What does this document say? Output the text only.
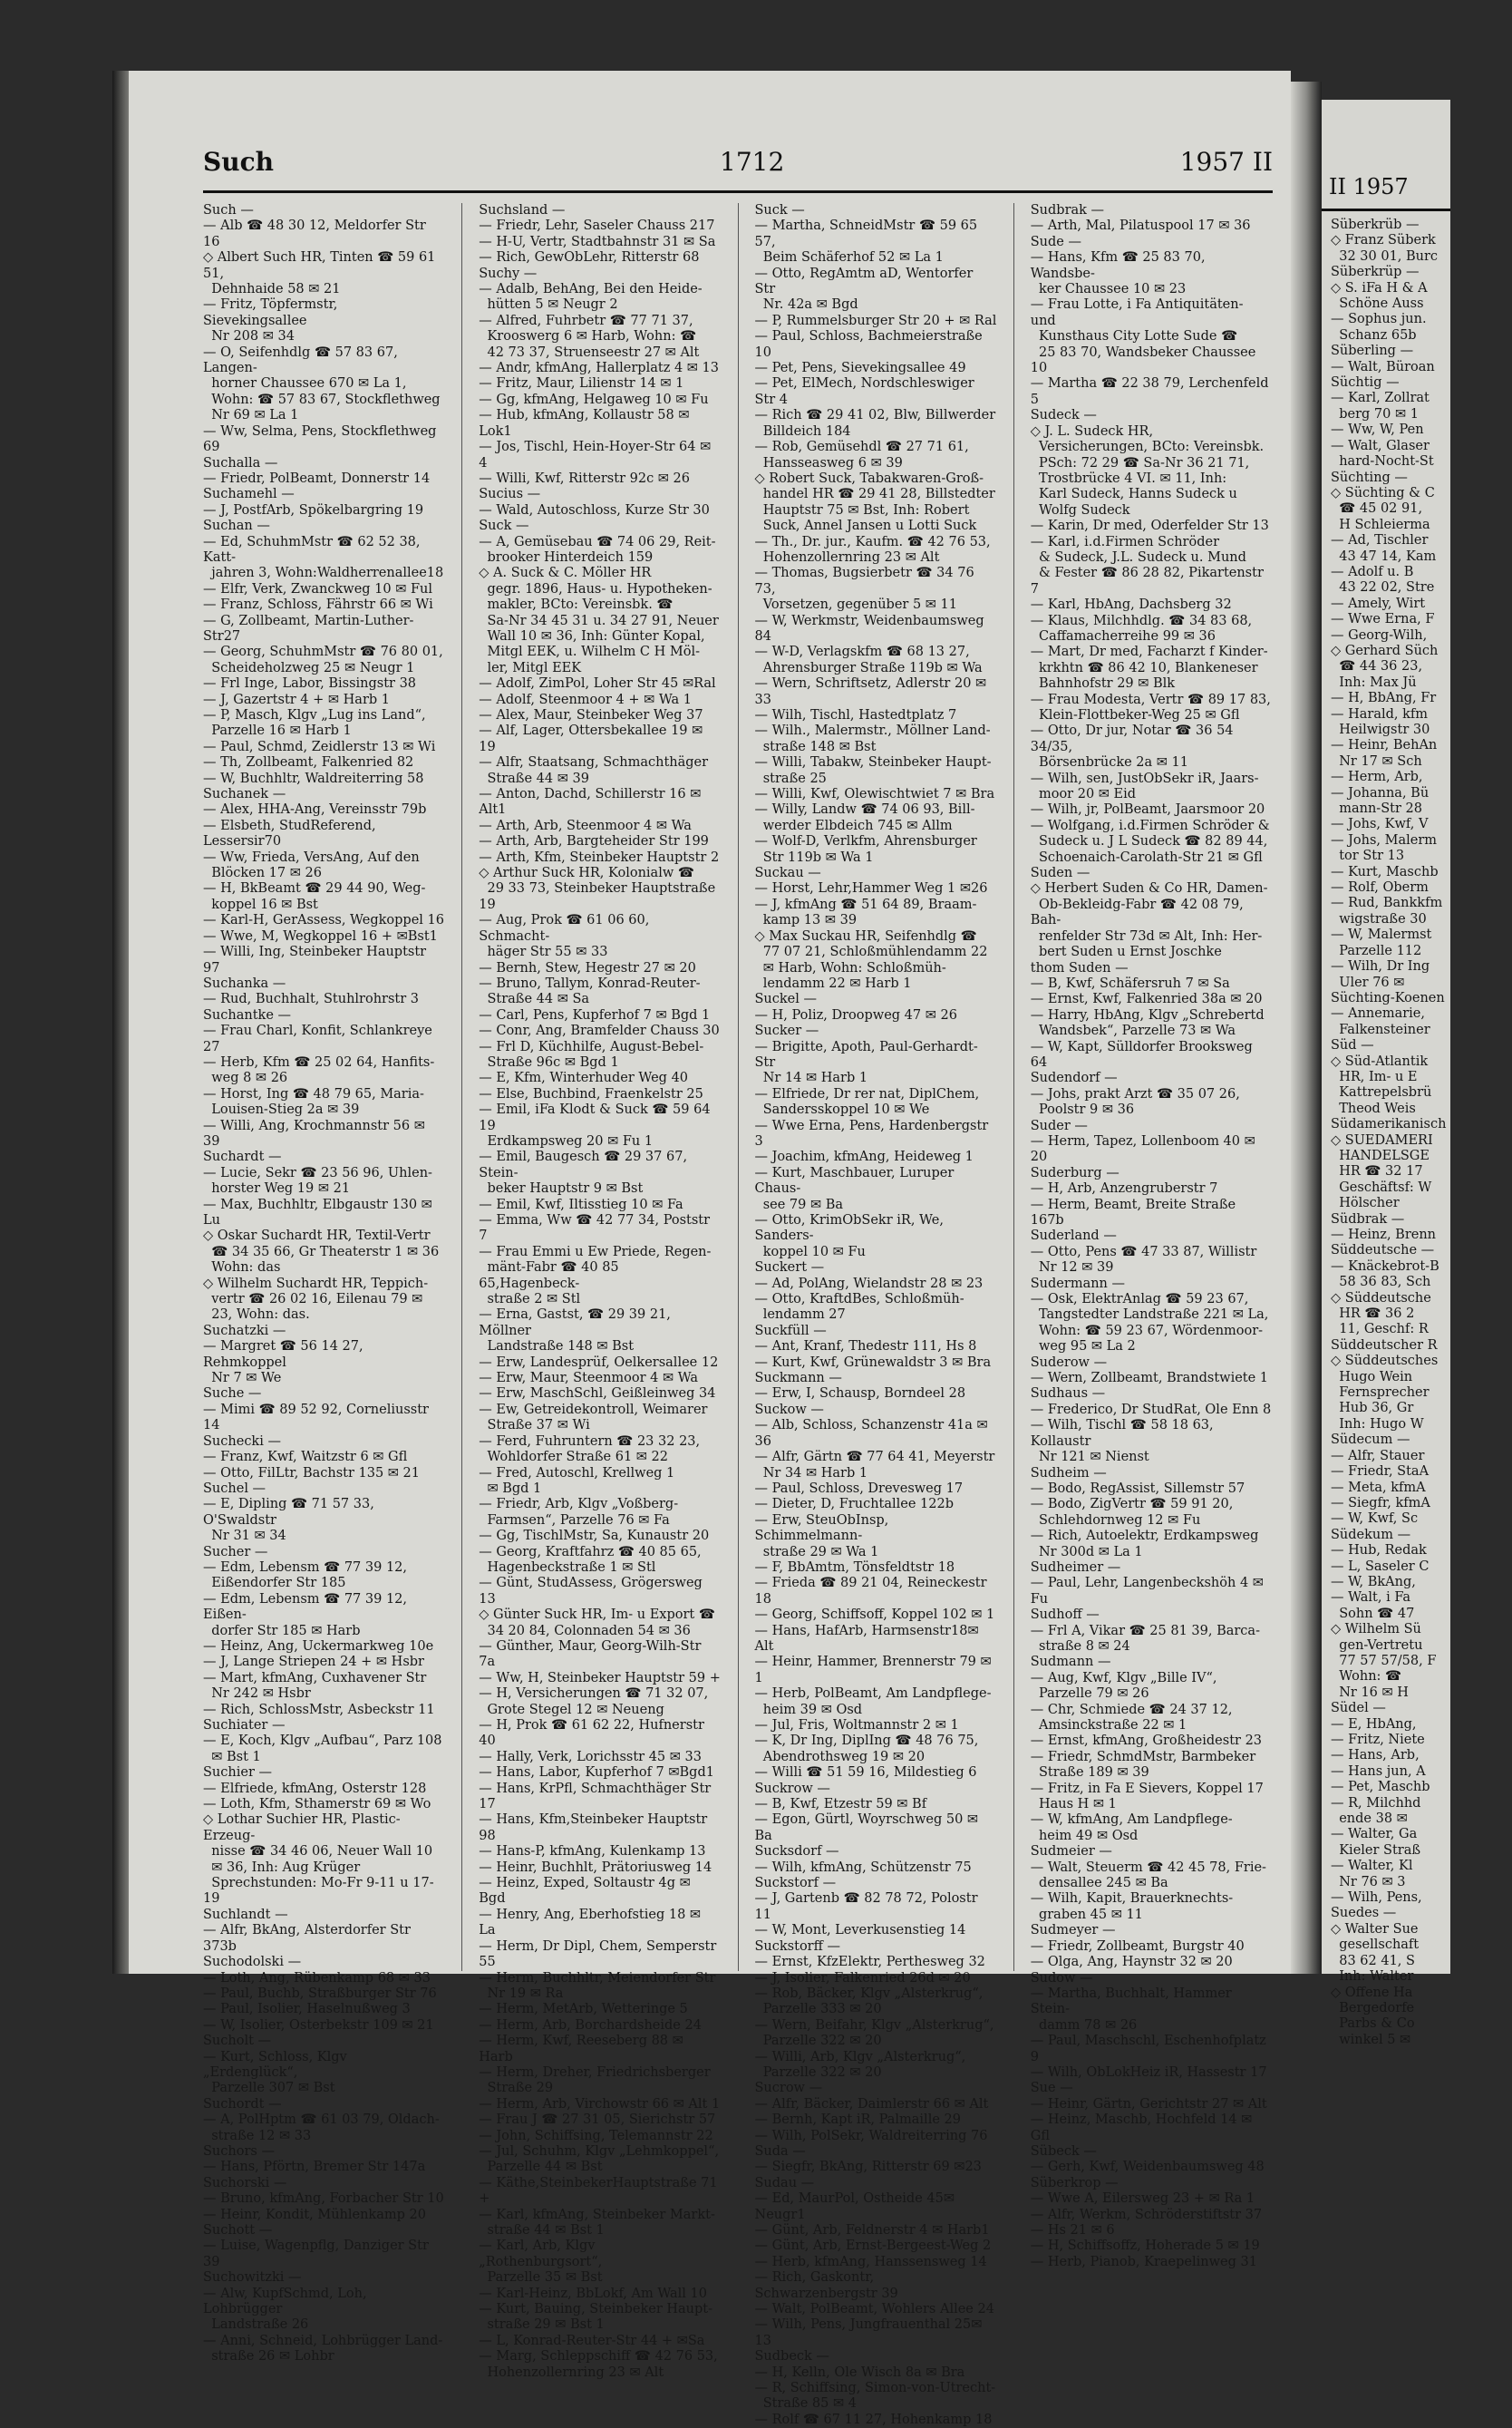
II 1957
Süberkrüb —
◇ Franz Süberk
32 30 01, Burc
Süberkrüp —
◇ S. iFa H & A
Schöne Auss
— Sophus jun.
Schanz 65b
Süberling —
— Walt, Büroan
Süchtig —
— Karl, Zollrat
berg 70 ✉ 1
— Ww, W, Pen
— Walt, Glaser
hard-Nocht-St
Süchting —
◇ Süchting & C
☎ 45 02 91,
H Schleierma
— Ad, Tischler
43 47 14, Kam
— Adolf u. B
43 22 02, Stre
— Amely, Wirt
— Wwe Erna, F
— Georg-Wilh,
◇ Gerhard Süch
☎ 44 36 23,
Inh: Max Jü
— H, BbAng, Fr
— Harald, kfm
Heilwigstr 30
— Heinr, BehAn
Nr 17 ✉ Sch
— Herm, Arb,
— Johanna, Bü
mann-Str 28
— Johs, Kwf, V
— Johs, Malerm
tor Str 13
— Kurt, Maschb
— Rolf, Oberm
— Rud, Bankkfm
wigstraße 30
— W, Malermst
Parzelle 112
— Wilh, Dr Ing
Uler 76 ✉
Süchting-Koenen
— Annemarie,
Falkensteiner
Süd —
◇ Süd-Atlantik
HR, Im- u E
Kattrepelsbrü
Theod Weis
Südamerikanisch
◇ SUEDAMERI
HANDELSGE
HR ☎ 32 17
Geschäftsf: W
Hölscher
Südbrak —
— Heinz, Brenn
Süddeutsche —
— Knäckebrot-B
58 36 83, Sch
◇ Süddeutsche
HR ☎ 36 2
11, Geschf: R
Süddeutscher R
◇ Süddeutsches
Hugo Wein
Fernsprecher
Hub 36, Gr
Inh: Hugo W
Südecum —
— Alfr, Stauer
— Friedr, StaA
— Meta, kfmA
— Siegfr, kfmA
— W, Kwf, Sc
Südekum —
— Hub, Redak
— L, Saseler C
— W, BkAng,
— Walt, i Fa
Sohn ☎ 47
◇ Wilhelm Sü
gen-Vertretu
77 57 57/58, F
Wohn: ☎
Nr 16 ✉ H
Südel —
— E, HbAng,
— Fritz, Niete
— Hans, Arb,
— Hans jun, A
— Pet, Maschb
— R, Milchhd
ende 38 ✉
— Walter, Ga
Kieler Straß
— Walter, Kl
Nr 76 ✉ 3
— Wilh, Pens,
Suedes —
◇ Walter Sue
gesellschaft
83 62 41, S
Inh: Walter
◇ Offene Ha
Bergedorfe
Parbs & Co
winkel 5 ✉
Such	1712	1957 II
Such —
— Alb ☎ 48 30 12, Meldorfer Str 16
◇ Albert Such HR, Tinten ☎ 59 61 51,
Dehnhaide 58 ✉ 21
— Fritz, Töpfermstr, Sievekingsallee
Nr 208 ✉ 34
— O, Seifenhdlg ☎ 57 83 67, Langen-
horner Chaussee 670 ✉ La 1,
Wohn: ☎ 57 83 67, Stockflethweg
Nr 69 ✉ La 1
— Ww, Selma, Pens, Stockflethweg 69
Suchalla —
— Friedr, PolBeamt, Donnerstr 14
Suchamehl —
— J, PostfArb, Spökelbargring 19
Suchan —
— Ed, SchuhmMstr ☎ 62 52 38, Katt-
jahren 3, Wohn:Waldherrenallee18
— Elfr, Verk, Zwanckweg 10 ✉ Ful
— Franz, Schloss, Fährstr 66 ✉ Wi
— G, Zollbeamt, Martin-Luther-Str27
— Georg, SchuhmMstr ☎ 76 80 01,
Scheideholzweg 25 ✉ Neugr 1
— Frl Inge, Labor, Bissingstr 38
— J, Gazertstr 4 + ✉ Harb 1
— P, Masch, Klgv „Lug ins Land“,
Parzelle 16 ✉ Harb 1
— Paul, Schmd, Zeidlerstr 13 ✉ Wi
— Th, Zollbeamt, Falkenried 82
— W, Buchhltr, Waldreiterring 58
Suchanek —
— Alex, HHA-Ang, Vereinsstr 79b
— Elsbeth, StudReferend, Lessersir70
— Ww, Frieda, VersAng, Auf den
Blöcken 17 ✉ 26
— H, BkBeamt ☎ 29 44 90, Weg-
koppel 16 ✉ Bst
— Karl-H, GerAssess, Wegkoppel 16
— Wwe, M, Wegkoppel 16 + ✉Bst1
— Willi, Ing, Steinbeker Hauptstr 97
Suchanka —
— Rud, Buchhalt, Stuhlrohrstr 3
Suchantke —
— Frau Charl, Konfit, Schlankreye 27
— Herb, Kfm ☎ 25 02 64, Hanfits-
weg 8 ✉ 26
— Horst, Ing ☎ 48 79 65, Maria-
Louisen-Stieg 2a ✉ 39
— Willi, Ang, Krochmannstr 56 ✉ 39
Suchardt —
— Lucie, Sekr ☎ 23 56 96, Uhlen-
horster Weg 19 ✉ 21
— Max, Buchhltr, Elbgaustr 130 ✉ Lu
◇ Oskar Suchardt HR, Textil-Vertr
☎ 34 35 66, Gr Theaterstr 1 ✉ 36
Wohn: das
◇ Wilhelm Suchardt HR, Teppich-
vertr ☎ 26 02 16, Eilenau 79 ✉
23, Wohn: das.
Suchatzki —
— Margret ☎ 56 14 27, Rehmkoppel
Nr 7 ✉ We
Suche —
— Mimi ☎ 89 52 92, Corneliusstr 14
Suchecki —
— Franz, Kwf, Waitzstr 6 ✉ Gfl
— Otto, FilLtr, Bachstr 135 ✉ 21
Suchel —
— E, Dipling ☎ 71 57 33, O'Swaldstr
Nr 31 ✉ 34
Sucher —
— Edm, Lebensm ☎ 77 39 12,
Eißendorfer Str 185
— Edm, Lebensm ☎ 77 39 12, Eißen-
dorfer Str 185 ✉ Harb
— Heinz, Ang, Uckermarkweg 10e
— J, Lange Striepen 24 + ✉ Hsbr
— Mart, kfmAng, Cuxhavener Str
Nr 242 ✉ Hsbr
— Rich, SchlossMstr, Asbeckstr 11
Suchiater —
— E, Koch, Klgv „Aufbau“, Parz 108
✉ Bst 1
Suchier —
— Elfriede, kfmAng, Osterstr 128
— Loth, Kfm, Sthamerstr 69 ✉ Wo
◇ Lothar Suchier HR, Plastic-Erzeug-
nisse ☎ 34 46 06, Neuer Wall 10
✉ 36, Inh: Aug Krüger
Sprechstunden: Mo-Fr 9-11 u 17-19
Suchlandt —
— Alfr, BkAng, Alsterdorfer Str 373b
Suchodolski —
— Loth, Ang, Rübenkamp 68 ✉ 33
— Paul, Buchb, Straßburger Str 76
— Paul, Isolier, Haselnußweg 3
— W, Isolier, Osterbekstr 109 ✉ 21
Sucholt —
— Kurt, Schloss, Klgv „Erdenglück“,
Parzelle 307 ✉ Bst
Suchordt —
— A, PolHptm ☎ 61 03 79, Oldach-
straße 12 ✉ 33
Suchors —
— Hans, Pförtn, Bremer Str 147a
Suchorski —
— Bruno, kfmAng, Forbacher Str 10
— Heinr, Kondit, Mühlenkamp 20
Suchott —
— Luise, Wagenpflg, Danziger Str 39
Suchowitzki —
— Alw, KupfSchmd, Loh, Lohbrügger
Landstraße 26
— Anni, Schneid, Lohbrügger Land-
straße 26 ✉ Lohbr
Suchsland —
— Friedr, Lehr, Saseler Chauss 217
— H-U, Vertr, Stadtbahnstr 31 ✉ Sa
— Rich, GewObLehr, Ritterstr 68
Suchy —
— Adalb, BehAng, Bei den Heide-
hütten 5 ✉ Neugr 2
— Alfred, Fuhrbetr ☎ 77 71 37,
Krooswerg 6 ✉ Harb, Wohn: ☎
42 73 37, Struenseestr 27 ✉ Alt
— Andr, kfmAng, Hallerplatz 4 ✉ 13
— Fritz, Maur, Lilienstr 14 ✉ 1
— Gg, kfmAng, Helgaweg 10 ✉ Fu
— Hub, kfmAng, Kollaustr 58 ✉Lok1
— Jos, Tischl, Hein-Hoyer-Str 64 ✉ 4
— Willi, Kwf, Ritterstr 92c ✉ 26
Sucius —
— Wald, Autoschloss, Kurze Str 30
Suck —
— A, Gemüsebau ☎ 74 06 29, Reit-
brooker Hinterdeich 159
◇ A. Suck & C. Möller HR
gegr. 1896, Haus- u. Hypotheken-
makler, BCto: Vereinsbk. ☎
Sa-Nr 34 45 31 u. 34 27 91, Neuer
Wall 10 ✉ 36, Inh: Günter Kopal,
Mitgl EEK, u. Wilhelm C H Möl-
ler, Mitgl EEK
— Adolf, ZimPol, Loher Str 45 ✉Ral
— Adolf, Steenmoor 4 + ✉ Wa 1
— Alex, Maur, Steinbeker Weg 37
— Alf, Lager, Ottersbekallee 19 ✉ 19
— Alfr, Staatsang, Schmachthäger
Straße 44 ✉ 39
— Anton, Dachd, Schillerstr 16 ✉Alt1
— Arth, Arb, Steenmoor 4 ✉ Wa
— Arth, Arb, Bargteheider Str 199
— Arth, Kfm, Steinbeker Hauptstr 2
◇ Arthur Suck HR, Kolonialw ☎
29 33 73, Steinbeker Hauptstraße 19
— Aug, Prok ☎ 61 06 60, Schmacht-
häger Str 55 ✉ 33
— Bernh, Stew, Hegestr 27 ✉ 20
— Bruno, Tallym, Konrad-Reuter-
Straße 44 ✉ Sa
— Carl, Pens, Kupferhof 7 ✉ Bgd 1
— Conr, Ang, Bramfelder Chauss 30
— Frl D, Küchhilfe, August-Bebel-
Straße 96c ✉ Bgd 1
— E, Kfm, Winterhuder Weg 40
— Else, Buchbind, Fraenkelstr 25
— Emil, iFa Klodt & Suck ☎ 59 64 19
Erdkampsweg 20 ✉ Fu 1
— Emil, Baugesch ☎ 29 37 67, Stein-
beker Hauptstr 9 ✉ Bst
— Emil, Kwf, Iltisstieg 10 ✉ Fa
— Emma, Ww ☎ 42 77 34, Poststr 7
— Frau Emmi u Ew Priede, Regen-
mänt-Fabr ☎ 40 85 65,Hagenbeck-
straße 2 ✉ Stl
— Erna, Gastst, ☎ 29 39 21, Möllner
Landstraße 148 ✉ Bst
— Erw, Landesprüf, Oelkersallee 12
— Erw, Maur, Steenmoor 4 ✉ Wa
— Erw, MaschSchl, Geißleinweg 34
— Ew, Getreidekontroll, Weimarer
Straße 37 ✉ Wi
— Ferd, Fuhruntern ☎ 23 32 23,
Wohldorfer Straße 61 ✉ 22
— Fred, Autoschl, Krellweg 1
✉ Bgd 1
— Friedr, Arb, Klgv „Voßberg-
Farmsen“, Parzelle 76 ✉ Fa
— Gg, TischlMstr, Sa, Kunaustr 20
— Georg, Kraftfahrz ☎ 40 85 65,
Hagenbeckstraße 1 ✉ Stl
— Günt, StudAssess, Grögersweg 13
◇ Günter Suck HR, Im- u Export ☎
34 20 84, Colonnaden 54 ✉ 36
— Günther, Maur, Georg-Wilh-Str 7a
— Ww, H, Steinbeker Hauptstr 59 +
— H, Versicherungen ☎ 71 32 07,
Grote Stegel 12 ✉ Neueng
— H, Prok ☎ 61 62 22, Hufnerstr 40
— Hally, Verk, Lorichsstr 45 ✉ 33
— Hans, Labor, Kupferhof 7 ✉Bgd1
— Hans, KrPfl, Schmachthäger Str 17
— Hans, Kfm,Steinbeker Hauptstr 98
— Hans-P, kfmAng, Kulenkamp 13
— Heinr, Buchhlt, Prätoriusweg 14
— Heinz, Exped, Soltaustr 4g ✉ Bgd
— Henry, Ang, Eberhofstieg 18 ✉ La
— Herm, Dr Dipl, Chem, Semperstr 55
— Herm, Buchhltr, Meiendorfer Str
Nr 19 ✉ Ra
— Herm, MetArb, Wetteringe 5
— Herm, Arb, Borchardsheide 24
— Herm, Kwf, Reeseberg 88 ✉ Harb
— Herm, Dreher, Friedrichsberger
Straße 29
— Herm, Arb, Virchowstr 66 ✉ Alt 1
— Frau J ☎ 27 31 05, Sierichstr 57
— John, Schiffsing, Telemannstr 22
— Jul, Schuhm, Klgv „Lehmkoppel“,
Parzelle 44 ✉ Bst
— Käthe,SteinbekerHauptstraße 71 +
— Karl, kfmAng, Steinbeker Markt-
straße 44 ✉ Bst 1
— Karl, Arb, Klgv „Rothenburgsort“,
Parzelle 35 ✉ Bst
— Karl-Heinz, BbLokf, Am Wall 10
— Kurt, Bauing, Steinbeker Haupt-
straße 29 ✉ Bst 1
— L, Konrad-Reuter-Str 44 + ✉Sa
— Marg, Schleppschiff ☎ 42 76 53,
Hohenzollernring 23 ✉ Alt
Suck —
— Martha, SchneidMstr ☎ 59 65 57,
Beim Schäferhof 52 ✉ La 1
— Otto, RegAmtm aD, Wentorfer Str
Nr. 42a ✉ Bgd
— P, Rummelsburger Str 20 + ✉ Ral
— Paul, Schloss, Bachmeierstraße 10
— Pet, Pens, Sievekingsallee 49
— Pet, ElMech, Nordschleswiger Str 4
— Rich ☎ 29 41 02, Blw, Billwerder
Billdeich 184
— Rob, Gemüsehdl ☎ 27 71 61,
Hansseasweg 6 ✉ 39
◇ Robert Suck, Tabakwaren-Groß-
handel HR ☎ 29 41 28, Billstedter
Hauptstr 75 ✉ Bst, Inh: Robert
Suck, Annel Jansen u Lotti Suck
— Th., Dr. jur., Kaufm. ☎ 42 76 53,
Hohenzollernring 23 ✉ Alt
— Thomas, Bugsierbetr ☎ 34 76 73,
Vorsetzen, gegenüber 5 ✉ 11
— W, Werkmstr, Weidenbaumsweg 84
— W-D, Verlagskfm ☎ 68 13 27,
Ahrensburger Straße 119b ✉ Wa
— Wern, Schriftsetz, Adlerstr 20 ✉33
— Wilh, Tischl, Hastedtplatz 7
— Wilh., Malermstr., Möllner Land-
straße 148 ✉ Bst
— Willi, Tabakw, Steinbeker Haupt-
straße 25
— Willi, Kwf, Olewischtwiet 7 ✉ Bra
— Willy, Landw ☎ 74 06 93, Bill-
werder Elbdeich 745 ✉ Allm
— Wolf-D, Verlkfm, Ahrensburger
Str 119b ✉ Wa 1
Suckau —
— Horst, Lehr,Hammer Weg 1 ✉26
— J, kfmAng ☎ 51 64 89, Braam-
kamp 13 ✉ 39
◇ Max Suckau HR, Seifenhdlg ☎
77 07 21, Schloßmühlendamm 22
✉ Harb, Wohn: Schloßmüh-
lendamm 22 ✉ Harb 1
Suckel —
— H, Poliz, Droopweg 47 ✉ 26
Sucker —
— Brigitte, Apoth, Paul-Gerhardt-Str
Nr 14 ✉ Harb 1
— Elfriede, Dr rer nat, DiplChem,
Sandersskoppel 10 ✉ We
— Wwe Erna, Pens, Hardenbergstr 3
— Joachim, kfmAng, Heideweg 1
— Kurt, Maschbauer, Luruper Chaus-
see 79 ✉ Ba
— Otto, KrimObSekr iR, We, Sanders-
koppel 10 ✉ Fu
Suckert —
— Ad, PolAng, Wielandstr 28 ✉ 23
— Otto, KraftdBes, Schloßmüh-
lendamm 27
Suckfüll —
— Ant, Kranf, Thedestr 111, Hs 8
— Kurt, Kwf, Grünewaldstr 3 ✉ Bra
Suckmann —
— Erw, I, Schausp, Borndeel 28
Suckow —
— Alb, Schloss, Schanzenstr 41a ✉36
— Alfr, Gärtn ☎ 77 64 41, Meyerstr
Nr 34 ✉ Harb 1
— Paul, Schloss, Drevesweg 17
— Dieter, D, Fruchtallee 122b
— Erw, SteuObInsp, Schimmelmann-
straße 29 ✉ Wa 1
— F, BbAmtm, Tönsfeldtstr 18
— Frieda ☎ 89 21 04, Reineckestr 18
— Georg, Schiffsoff, Koppel 102 ✉ 1
— Hans, HafArb, Harmsenstr18✉Alt
— Heinr, Hammer, Brennerstr 79 ✉ 1
— Herb, PolBeamt, Am Landpflege-
heim 39 ✉ Osd
— Jul, Fris, Woltmannstr 2 ✉ 1
— K, Dr Ing, DiplIng ☎ 48 76 75,
Abendrothsweg 19 ✉ 20
— Willi ☎ 51 59 16, Mildestieg 6
Suckrow —
— B, Kwf, Etzestr 59 ✉ Bf
— Egon, Gürtl, Woyrschweg 50 ✉ Ba
Sucksdorf —
— Wilh, kfmAng, Schützenstr 75
Suckstorf —
— J, Gartenb ☎ 82 78 72, Polostr 11
— W, Mont, Leverkusenstieg 14
Suckstorff —
— Ernst, KfzElektr, Perthesweg 32
— J, Isolier, Falkenried 26d ✉ 20
— Rob, Bäcker, Klgv „Alsterkrug“,
Parzelle 333 ✉ 20
— Wern, Beifahr, Klgv „Alsterkrug“,
Parzelle 322 ✉ 20
— Willi, Arb, Klgv „Alsterkrug“,
Parzelle 322 ✉ 20
Sucrow —
— Alfr, Bäcker, Daimlerstr 66 ✉ Alt
— Bernh, Kapt iR, Palmaille 29
— Wilh, PolSekr, Waldreiterring 76
Suda —
— Siegfr, BkAng, Ritterstr 69 ✉23
Sudau —
— Ed, MaurPol, Ostheide 45✉Neugr1
— Günt, Arb, Feldnerstr 4 ✉ Harb1
— Günt, Arb, Ernst-Bergeest-Weg 2
— Herb, kfmAng, Hanssensweg 14
— Rich, Gaskontr, Schwarzenbergstr 39
— Walt, PolBeamt, Wohlers Allee 24
— Wilh, Pens, Jungfrauenthal 25✉13
Sudbeck —
— H, Kelln, Ole Wisch 8a ✉ Bra
— R, Schiffsing, Simon-von-Utrecht-
Straße 85 ✉ 4
— Rolf ☎ 67 11 27, Hohenkamp 18
Sudbrak —
— Arth, Mal, Pilatuspool 17 ✉ 36
Sude —
— Hans, Kfm ☎ 25 83 70, Wandsbe-
ker Chaussee 10 ✉ 23
— Frau Lotte, i Fa Antiquitäten- und
Kunsthaus City Lotte Sude ☎
25 83 70, Wandsbeker Chaussee 10
— Martha ☎ 22 38 79, Lerchenfeld 5
Sudeck —
◇ J. L. Sudeck HR,
Versicherungen, BCto: Vereinsbk.
PSch: 72 29 ☎ Sa-Nr 36 21 71,
Trostbrücke 4 VI. ✉ 11, Inh:
Karl Sudeck, Hanns Sudeck u
Wolfg Sudeck
— Karin, Dr med, Oderfelder Str 13
— Karl, i.d.Firmen Schröder
& Sudeck, J.L. Sudeck u. Mund
& Fester ☎ 86 28 82, Pikartenstr 7
— Karl, HbAng, Dachsberg 32
— Klaus, Milchhdlg. ☎ 34 83 68,
Caffamacherreihe 99 ✉ 36
— Mart, Dr med, Facharzt f Kinder-
krkhtn ☎ 86 42 10, Blankeneser
Bahnhofstr 29 ✉ Blk
— Frau Modesta, Vertr ☎ 89 17 83,
Klein-Flottbeker-Weg 25 ✉ Gfl
— Otto, Dr jur, Notar ☎ 36 54 34/35,
Börsenbrücke 2a ✉ 11
— Wilh, sen, JustObSekr iR, Jaars-
moor 20 ✉ Eid
— Wilh, jr, PolBeamt, Jaarsmoor 20
— Wolfgang, i.d.Firmen Schröder &
Sudeck u. J L Sudeck ☎ 82 89 44,
Schoenaich-Carolath-Str 21 ✉ Gfl
Suden —
◇ Herbert Suden & Co HR, Damen-
Ob-Bekleidg-Fabr ☎ 42 08 79, Bah-
renfelder Str 73d ✉ Alt, Inh: Her-
bert Suden u Ernst Joschke
thom Suden —
— B, Kwf, Schäfersruh 7 ✉ Sa
— Ernst, Kwf, Falkenried 38a ✉ 20
— Harry, HbAng, Klgv „Schrebertd
Wandsbek“, Parzelle 73 ✉ Wa
— W, Kapt, Sülldorfer Brooksweg 64
Sudendorf —
— Johs, prakt Arzt ☎ 35 07 26,
Poolstr 9 ✉ 36
Suder —
— Herm, Tapez, Lollenboom 40 ✉ 20
Suderburg —
— H, Arb, Anzengruberstr 7
— Herm, Beamt, Breite Straße 167b
Suderland —
— Otto, Pens ☎ 47 33 87, Willistr
Nr 12 ✉ 39
Sudermann —
— Osk, ElektrAnlag ☎ 59 23 67,
Tangstedter Landstraße 221 ✉ La,
Wohn: ☎ 59 23 67, Wördenmoor-
weg 95 ✉ La 2
Suderow —
— Wern, Zollbeamt, Brandstwiete 1
Sudhaus —
— Frederico, Dr StudRat, Ole Enn 8
— Wilh, Tischl ☎ 58 18 63, Kollaustr
Nr 121 ✉ Nienst
Sudheim —
— Bodo, RegAssist, Sillemstr 57
— Bodo, ZigVertr ☎ 59 91 20,
Schlehdornweg 12 ✉ Fu
— Rich, Autoelektr, Erdkampsweg
Nr 300d ✉ La 1
Sudheimer —
— Paul, Lehr, Langenbeckshöh 4 ✉Fu
Sudhoff —
— Frl A, Vikar ☎ 25 81 39, Barca-
straße 8 ✉ 24
Sudmann —
— Aug, Kwf, Klgv „Bille IV“,
Parzelle 79 ✉ 26
— Chr, Schmiede ☎ 24 37 12,
Amsinckstraße 22 ✉ 1
— Ernst, kfmAng, Großheidestr 23
— Friedr, SchmdMstr, Barmbeker
Straße 189 ✉ 39
— Fritz, in Fa E Sievers, Koppel 17
Haus H ✉ 1
— W, kfmAng, Am Landpflege-
heim 49 ✉ Osd
Sudmeier —
— Walt, Steuerm ☎ 42 45 78, Frie-
densallee 245 ✉ Ba
— Wilh, Kapit, Brauerknechts-
graben 45 ✉ 11
Sudmeyer —
— Friedr, Zollbeamt, Burgstr 40
— Olga, Ang, Haynstr 32 ✉ 20
Sudow —
— Martha, Buchhalt, Hammer Stein-
damm 78 ✉ 26
— Paul, Maschschl, Eschenhofplatz 9
— Wilh, ObLokHeiz iR, Hassestr 17
Sue —
— Heinr, Gärtn, Gerichtstr 27 ✉ Alt
— Heinz, Maschb, Hochfeld 14 ✉ Gfl
Sübeck —
— Gerh, Kwf, Weidenbaumsweg 48
Süberkrop —
— Wwe A, Eilersweg 23 + ✉ Ra 1
— Alfr, Werkm, Schröderstiftstr 37
— Hs 21 ✉ 6
— H, Schiffsoffz, Hoherade 5 ✉ 19
— Herb, Pianob, Kraepelinweg 31
